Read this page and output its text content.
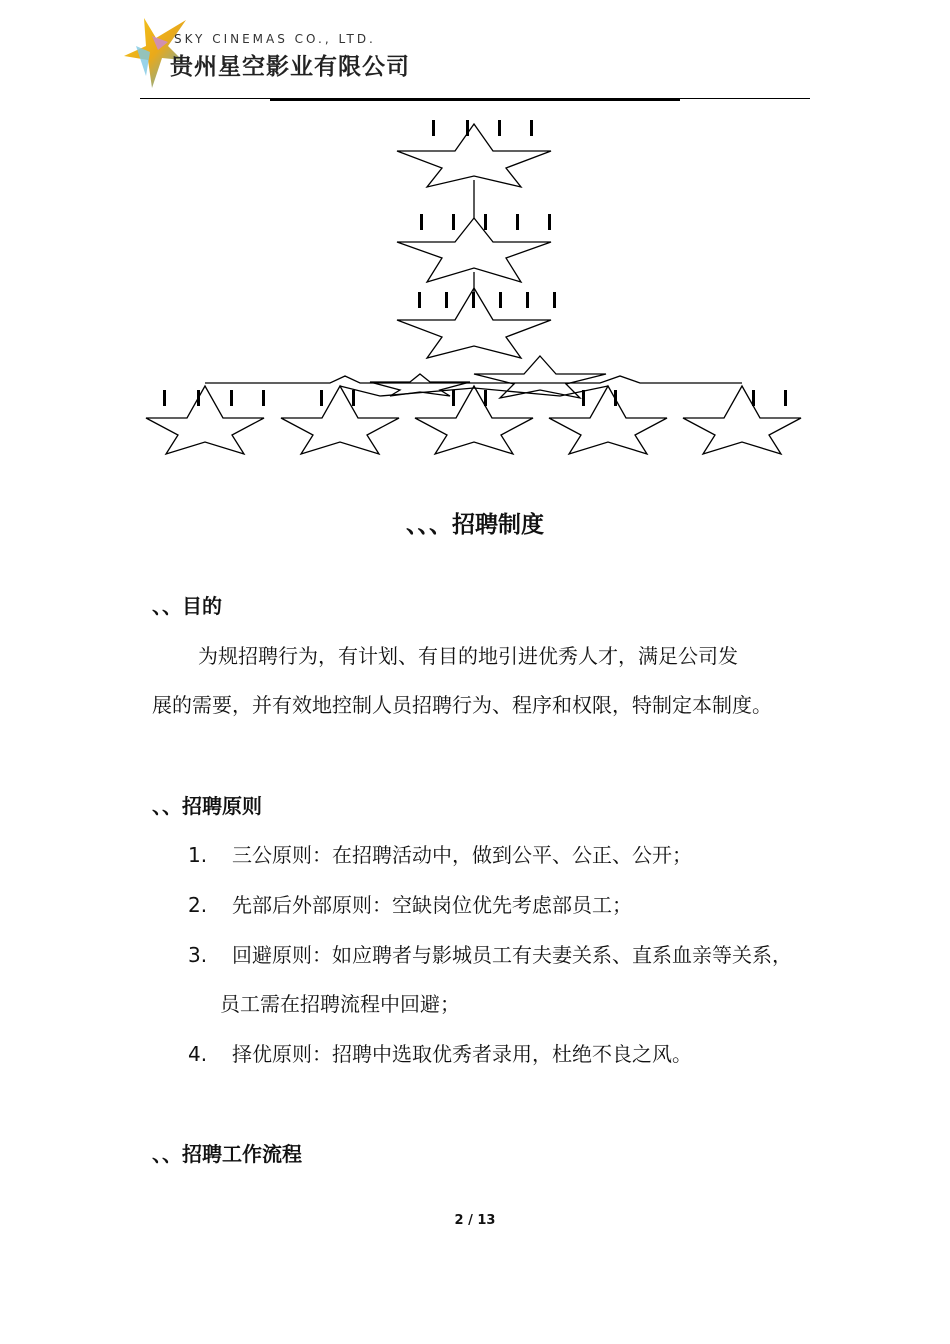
SKY CINEMAS CO., LTD.
贵州星空影业有限公司
、、、招聘制度
、、目的
为规招聘行为，有计划、有目的地引进优秀人才，满足公司发
展的需要，并有效地控制人员招聘行为、程序和权限，特制定本制度。
、、招聘原则
1. 三公原则：在招聘活动中，做到公平、公正、公开；
2. 先部后外部原则：空缺岗位优先考虑部员工；
3. 回避原则：如应聘者与影城员工有夫妻关系、直系血亲等关系，
员工需在招聘流程中回避；
4. 择优原则：招聘中选取优秀者录用，杜绝不良之风。
、、招聘工作流程
2 / 13
